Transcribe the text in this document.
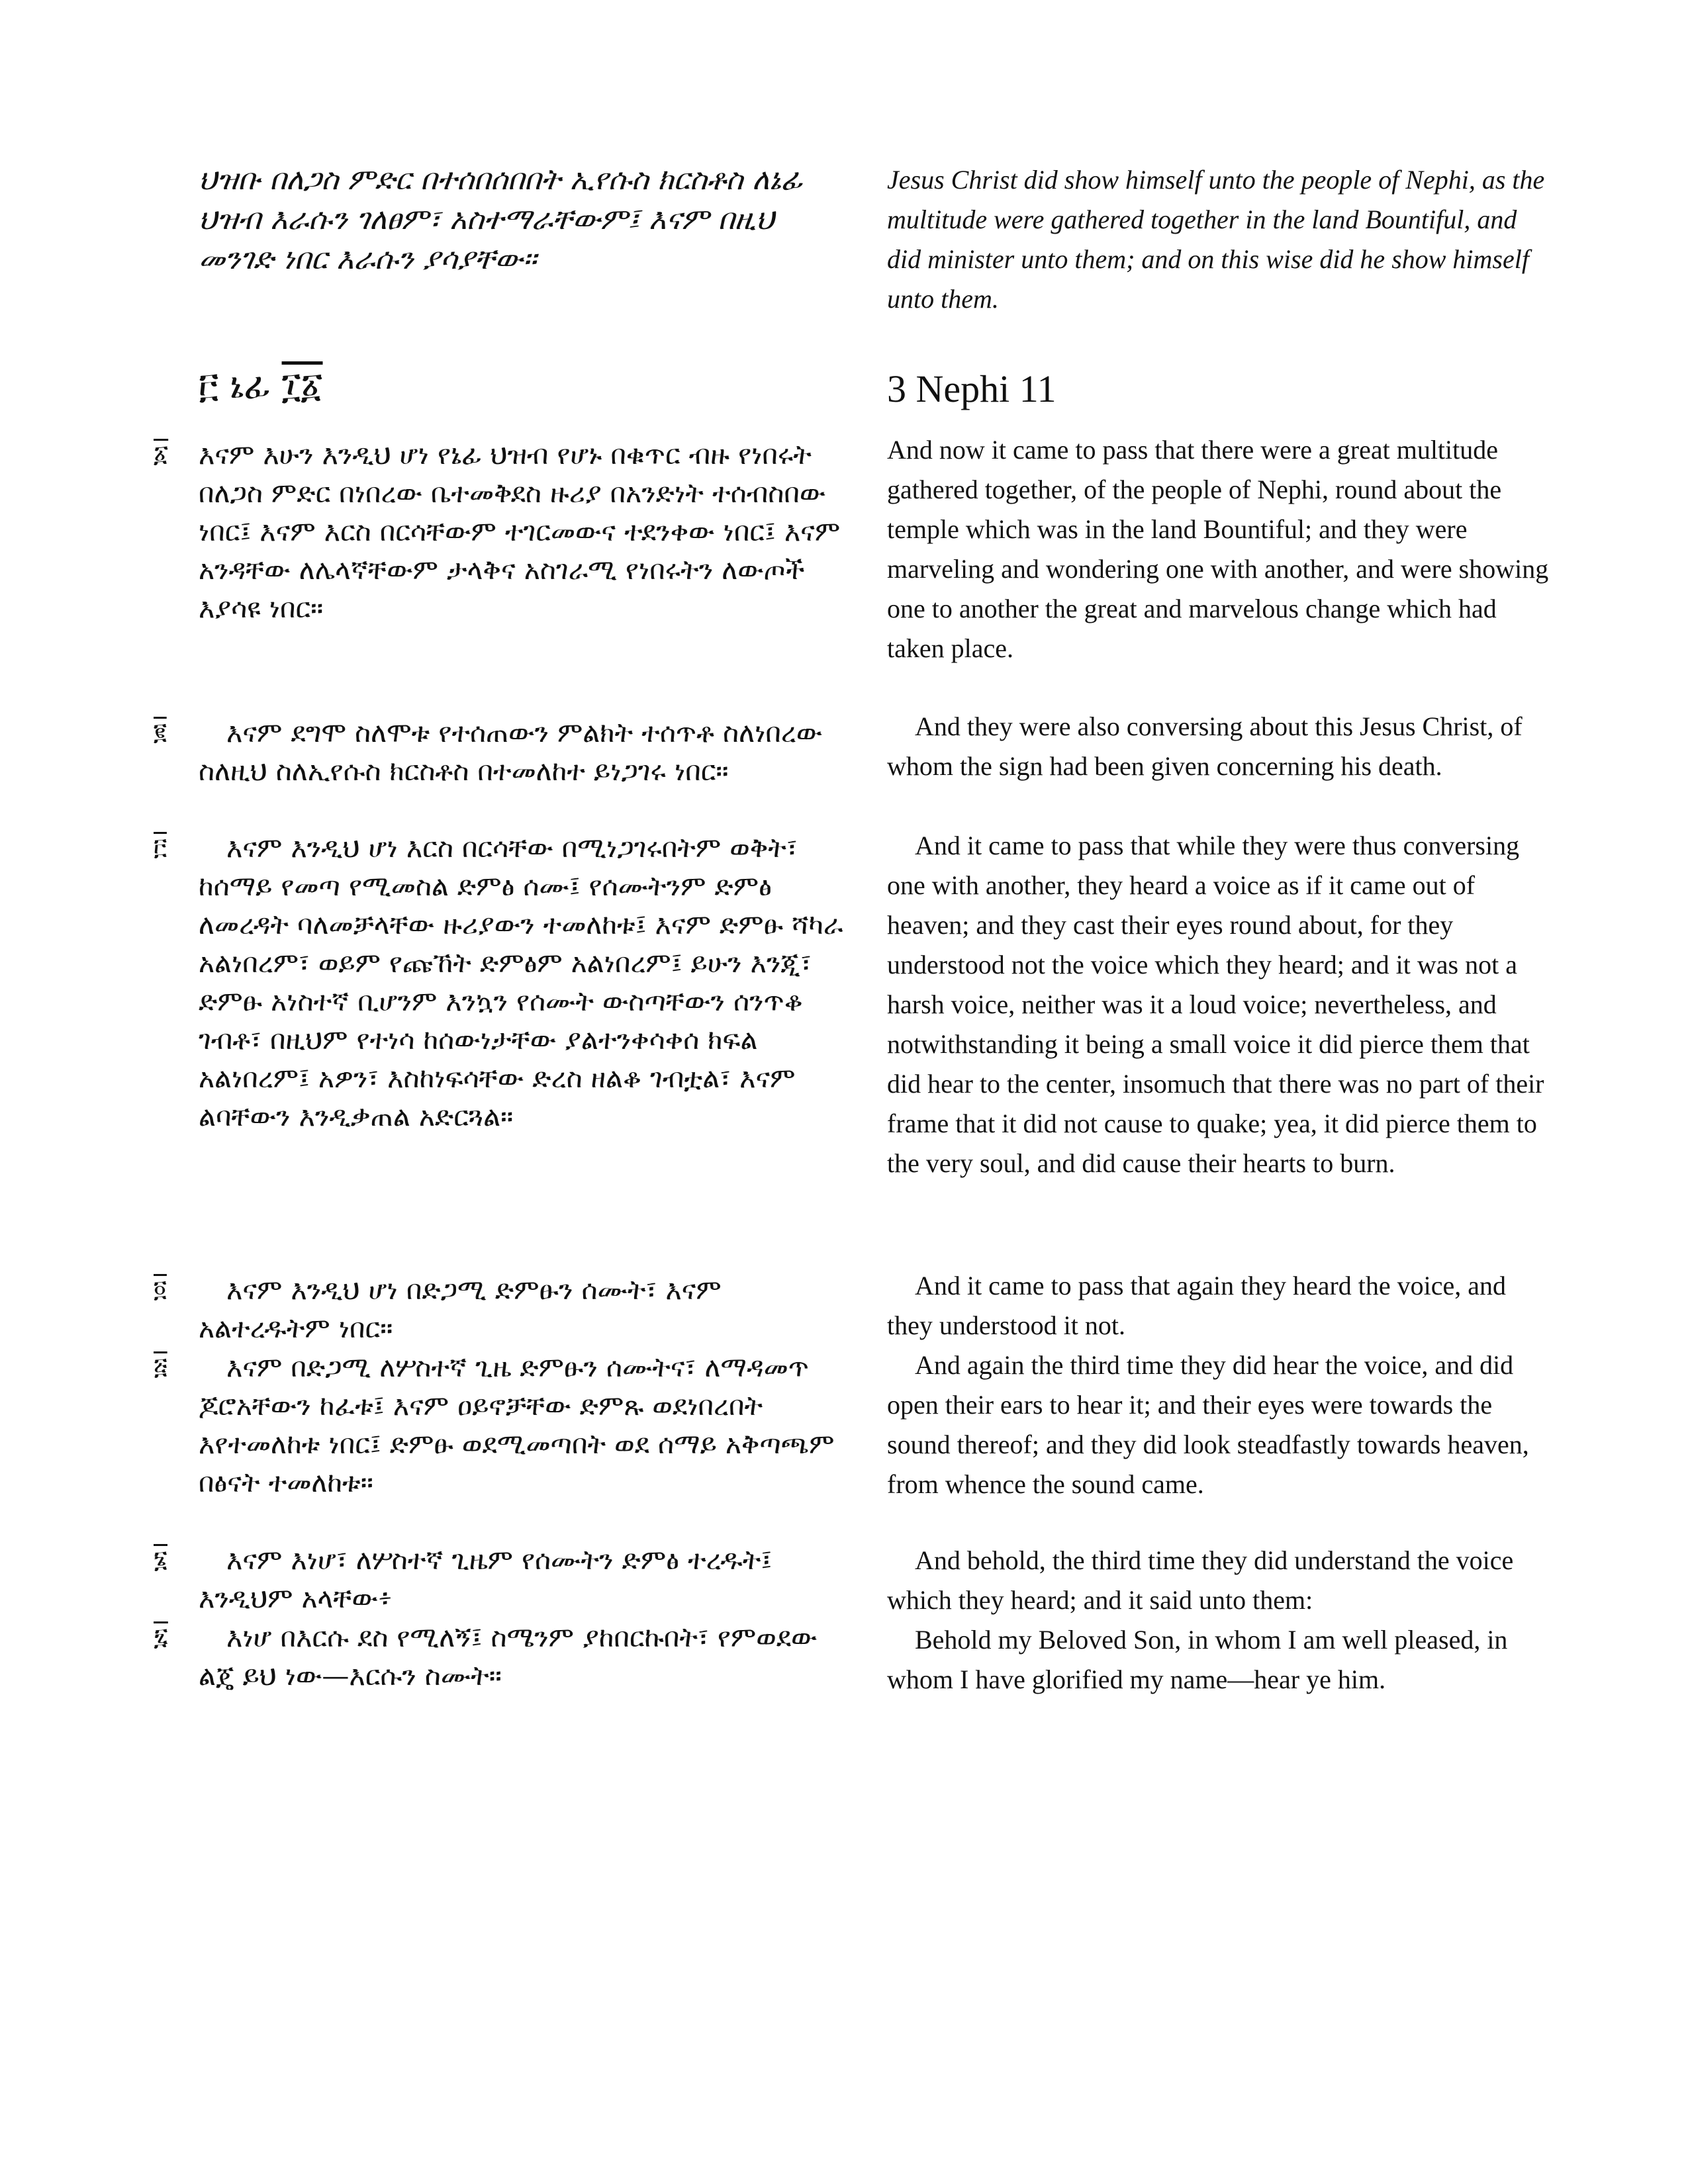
፩
፪
፫
፬
፭
፮
፯

ህዝቡ በለጋስ ምድር በተሰበሰበበት ኢየሱስ ክርስቶስ ለኔፊ ህዝብ እራሱን ገለፀም፣ አስተማራቸውም፤ እናም በዚህ መንገድ ነበር እራሱን ያሳያቸው።

፫ ኔፊ ፲፩

እናም እሁን እንዲህ ሆነ የኔፊ ህዝብ የሆኑ በቁጥር ብዙ የነበሩት በለጋስ ምድር በነበረው ቤተመቅደስ ዙሪያ በአንድነት ተሰብስበው ነበር፤ እናም እርስ በርሳቸውም ተገርመውና ተደንቀው ነበር፤ እናም አንዳቸው ለሌላኛቸውም ታላቅና አስገራሚ የነበሩትን ለውጦች እያሳዩ ነበር።

እናም ደግሞ ስለሞቱ የተሰጠውን ምልክት ተሰጥቶ ስለነበረው ስለዚህ ስለኢየሱስ ክርስቶስ በተመለከተ ይነጋገሩ ነበር።

እናም እንዲህ ሆነ እርስ በርሳቸው በሚነጋገሩበትም ወቅት፣ ከሰማይ የመጣ የሚመስል ድምፅ ሰሙ፤ የሰሙትንም ድምፅ ለመረዳት ባለመቻላቸው ዙሪያውን ተመለከቱ፤ እናም ድምፁ ሻካራ አልነበረም፣ ወይም የጩኸት ድምፅም አልነበረም፤ ይሁን እንጂ፣ ድምፁ አነስተኛ ቢሆንም እንኳን የሰሙት ውስጣቸውን ሰንጥቆ ገብቶ፣ በዚህም የተነሳ ከሰውነታቸው ያልተንቀሳቀሰ ክፍል አልነበረም፤ አዎን፣ እስከነፍሳቸው ድረስ ዘልቆ ገብቷል፣ እናም ልባቸውን እንዲቃጠል አድርጓል።

እናም እንዲህ ሆነ በድጋሚ ድምፁን ሰሙት፣ እናም አልተረዱትም ነበር።

እናም በድጋሚ ለሦስተኛ ጊዜ ድምፁን ሰሙትና፣ ለማዳመጥ ጆሮአቸውን ከፈቱ፤ እናም ዐይኖቻቸው ድምጹ ወደነበረበት እየተመለከቱ ነበር፤ ድምፁ ወደሚመጣበት ወደ ሰማይ አቅጣጫም በፅናት ተመለከቱ።

እናም እነሆ፣ ለሦስተኛ ጊዜም የሰሙትን ድምፅ ተረዱት፤ እንዲህም አላቸው፥

እነሆ በእርሱ ደስ የሚለኝ፤ ስሜንም ያከበርኩበት፣ የምወደው ልጄ ይህ ነው—እርሱን ስሙት።

Jesus Christ did show himself unto the people of Nephi, as the multitude were gathered together in the land Bountiful, and did minister unto them; and on this wise did he show himself unto them.

3 Nephi 11

And now it came to pass that there were a great multitude gathered together, of the people of Nephi, round about the temple which was in the land Bountiful; and they were marveling and wondering one with another, and were showing one to another the great and marvelous change which had taken place.

And they were also conversing about this Jesus Christ, of whom the sign had been given concerning his death.

And it came to pass that while they were thus conversing one with another, they heard a voice as if it came out of heaven; and they cast their eyes round about, for they understood not the voice which they heard; and it was not a harsh voice, neither was it a loud voice; nevertheless, and notwithstanding it being a small voice it did pierce them that did hear to the center, insomuch that there was no part of their frame that it did not cause to quake; yea, it did pierce them to the very soul, and did cause their hearts to burn.

And it came to pass that again they heard the voice, and they understood it not.

And again the third time they did hear the voice, and did open their ears to hear it; and their eyes were towards the sound thereof; and they did look steadfastly towards heaven, from whence the sound came.

And behold, the third time they did understand the voice which they heard; and it said unto them:

Behold my Beloved Son, in whom I am well pleased, in whom I have glorified my name—hear ye him.
